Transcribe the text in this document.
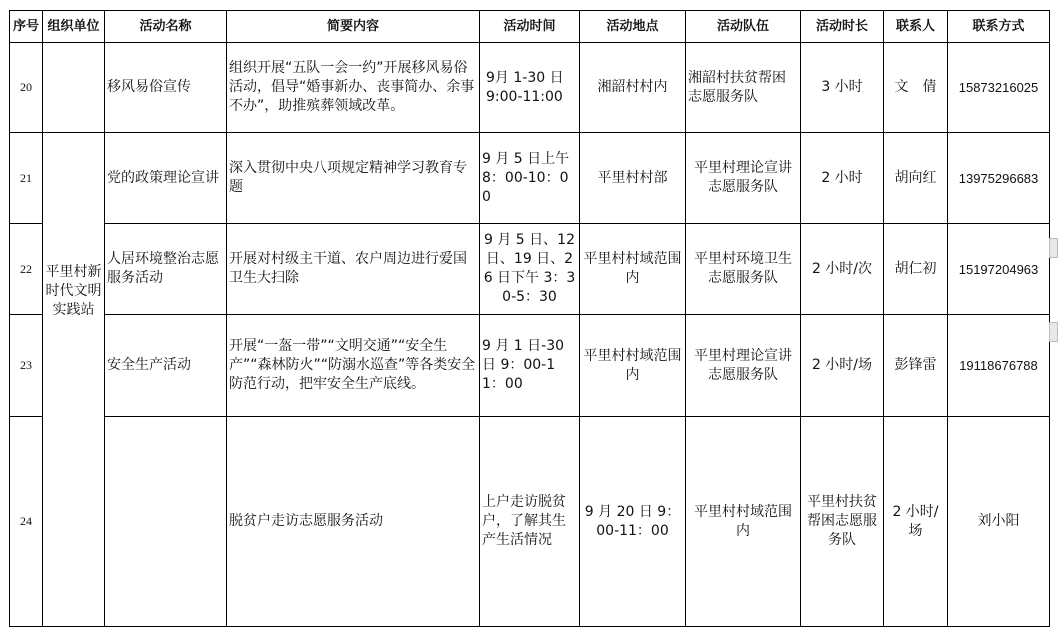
序号	组织单位	活动名称	简要内容	活动时间	活动地点	活动队伍	活动时长	联系人	联系方式	
20		移风易俗宣传	组织开展“五队一会一约”开展移风易俗活动，倡导“婚事新办、丧事简办、余事不办”，助推殡葬领域改革。	9月 1-30 日 9:00-11:00	湘韶村村内	湘韶村扶贫帮困志愿服务队	3 小时	文　倩	15873216025	
21	平里村新时代文明实践站	党的政策理论宣讲	深入贯彻中央八项规定精神学习教育专题	9 月 5 日上午8：00-10：00	平里村村部	平里村理论宣讲志愿服务队	2 小时	胡向红	13975296683	
22		人居环境整治志愿服务活动	开展对村级主干道、农户周边进行爱国卫生大扫除	9 月 5 日、12 日、19 日、26 日下午 3：30-5：30	平里村村域范围内	平里村环境卫生志愿服务队	2 小时/次	胡仁初	15197204963	
23		安全生产活动	开展“一盔一带”“文明交通”“安全生产”“森林防火”“防溺水巡查”等各类安全防范行动，把牢安全生产底线。	9 月 1 日-30 日 9：00-11：00	平里村村域范围内	平里村理论宣讲志愿服务队	2 小时/场	彭锋雷	19118676788	
24			脱贫户走访志愿服务活动	上户走访脱贫户，了解其生产生活情况	9 月 20 日 9：00-11：00	平里村村域范围内	平里村扶贫帮困志愿服务队	2 小时/场	刘小阳	
